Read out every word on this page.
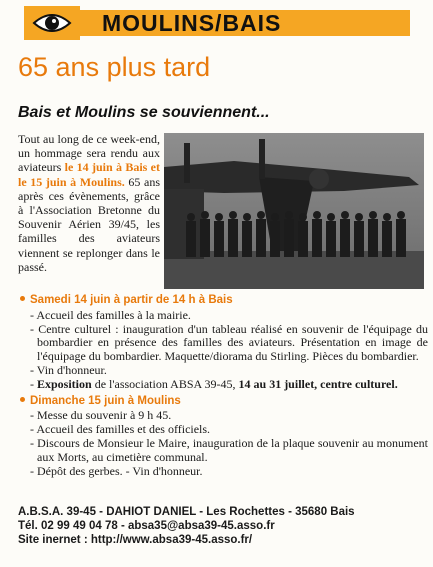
MOULINS/BAIS
65 ans plus tard
Bais et Moulins se souviennent...
Tout au long de ce week-end, un hommage sera rendu aux aviateurs le 14 juin à Bais et le 15 juin à Moulins. 65 ans après ces évènements, grâce à l'Association Bretonne du Souvenir Aérien 39/45, les familles des aviateurs viennent se replonger dans le passé.
Samedi 14 juin à partir de 14 h à Bais
- Accueil des familles à la mairie.
- Centre culturel : inauguration d'un tableau réalisé en souvenir de l'équipage du bombardier en présence des familles des aviateurs. Présentation en image de l'équipage du bombardier. Maquette/diorama du Stirling. Pièces du bombardier.
- Vin d'honneur.
- Exposition de l'association ABSA 39-45, 14 au 31 juillet, centre culturel.
Dimanche 15 juin à Moulins
- Messe du souvenir à 9 h 45.
- Accueil des familles et des officiels.
- Discours de Monsieur le Maire, inauguration de la plaque souvenir au monument aux Morts, au cimetière communal.
- Dépôt des gerbes. - Vin d'honneur.
A.B.S.A. 39-45 - DAHIOT DANIEL - Les Rochettes - 35680 Bais
Tél. 02 99 49 04 78 - absa35@absa39-45.asso.fr
Site inernet : http://www.absa39-45.asso.fr/
